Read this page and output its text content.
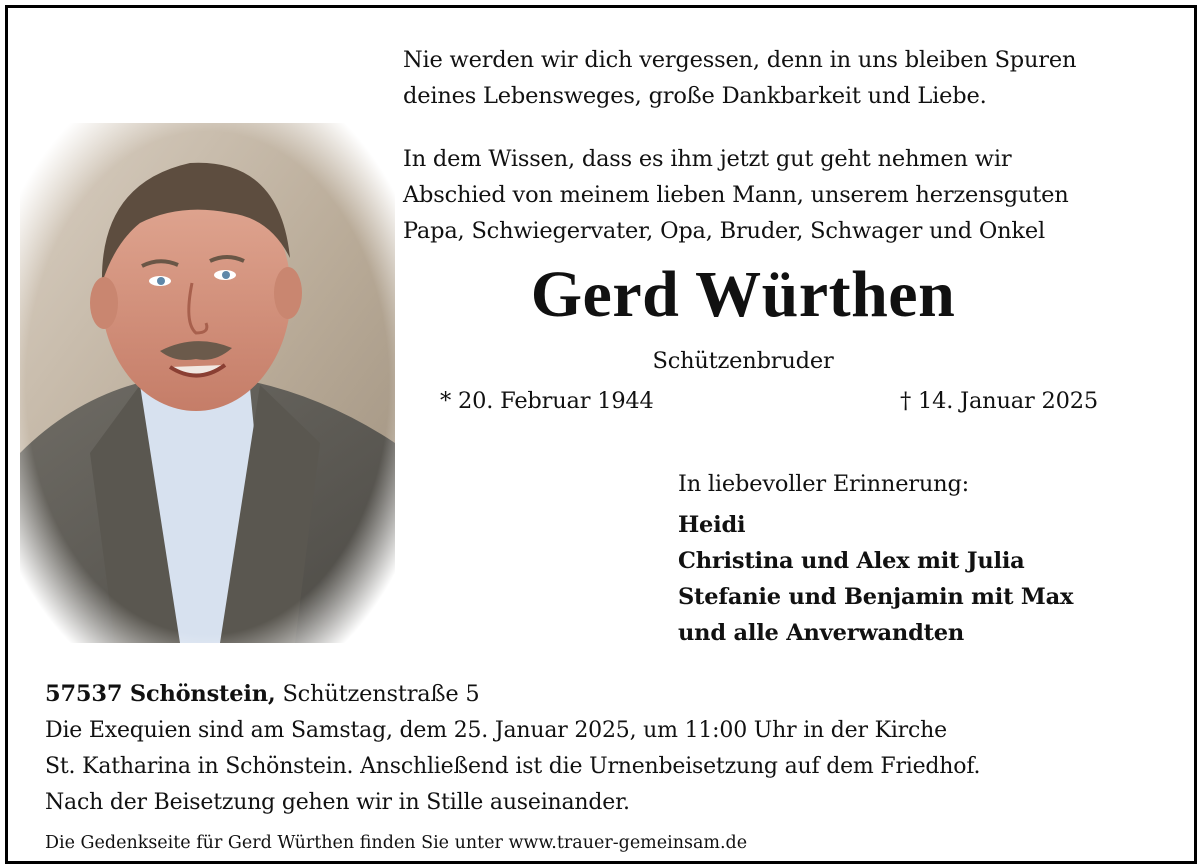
Nie werden wir dich vergessen, denn in uns bleiben Spuren
deines Lebensweges, große Dankbarkeit und Liebe.
In dem Wissen, dass es ihm jetzt gut geht nehmen wir
Abschied von meinem lieben Mann, unserem herzensguten
Papa, Schwiegervater, Opa, Bruder, Schwager und Onkel
Gerd Würthen
Schützenbruder
* 20. Februar 1944	† 14. Januar 2025
In liebevoller Erinnerung:
Heidi
Christina und Alex mit Julia
Stefanie und Benjamin mit Max
und alle Anverwandten
57537 Schönstein, Schützenstraße 5
Die Exequien sind am Samstag, dem 25. Januar 2025, um 11:00 Uhr in der Kirche
St. Katharina in Schönstein. Anschließend ist die Urnenbeisetzung auf dem Friedhof.
Nach der Beisetzung gehen wir in Stille auseinander.
Die Gedenkseite für Gerd Würthen finden Sie unter www.trauer-gemeinsam.de
